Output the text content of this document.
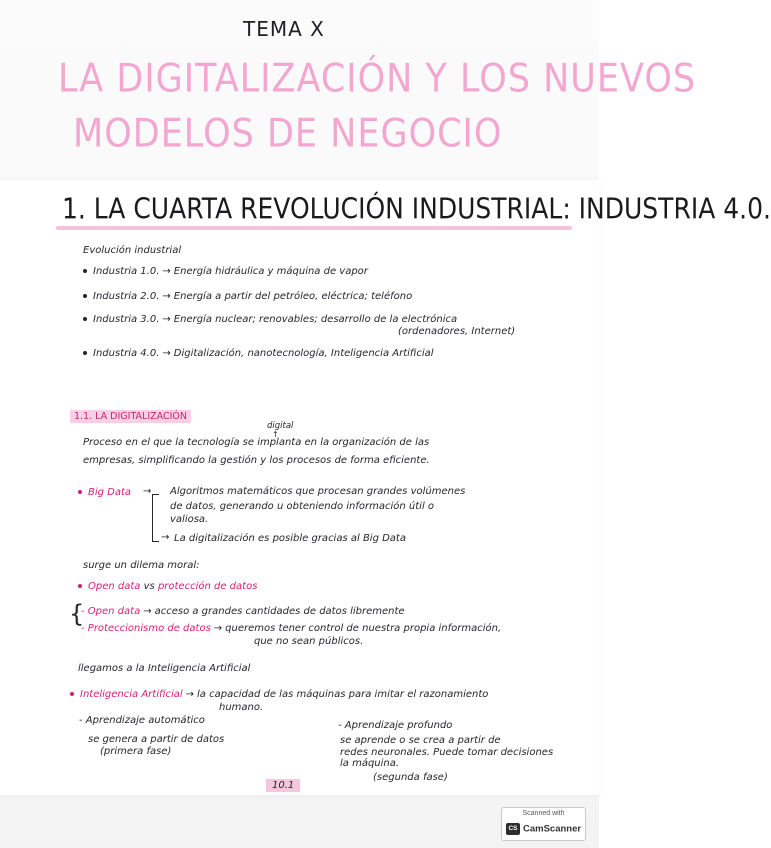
TEMA X
LA DIGITALIZACIÓN Y LOS NUEVOS
MODELOS DE NEGOCIO
1. LA CUARTA REVOLUCIÓN INDUSTRIAL: INDUSTRIA 4.0.
Evolución industrial
Industria 1.0. → Energía hidráulica y máquina de vapor
Industria 2.0. → Energía a partir del petróleo, eléctrica; teléfono
Industria 3.0. → Energía nuclear; renovables; desarrollo de la electrónica
(ordenadores, Internet)
Industria 4.0. → Digitalización, nanotecnología, Inteligencia Artificial
1.1. LA DIGITALIZACIÓN
digital
↑
Proceso en el que la tecnología se implanta en la organización de las
empresas, simplificando la gestión y los procesos de forma eficiente.
Big Data → Algoritmos matemáticos que procesan grandes volúmenes
de datos, generando u obteniendo información útil o
valiosa.
→ La digitalización es posible gracias al Big Data
surge un dilema moral:
Open data vs protección de datos
{
- Open data → acceso a grandes cantidades de datos libremente
- Proteccionismo de datos → queremos tener control de nuestra propia información,
que no sean públicos.
llegamos a la Inteligencia Artificial
Inteligencia Artificial → la capacidad de las máquinas para imitar el razonamiento
humano.
- Aprendizaje automático
se genera a partir de datos
(primera fase)
- Aprendizaje profundo
se aprende o se crea a partir de
redes neuronales. Puede tomar decisiones
la máquina.
(segunda fase)
10.1
Scanned with
CS CamScanner
